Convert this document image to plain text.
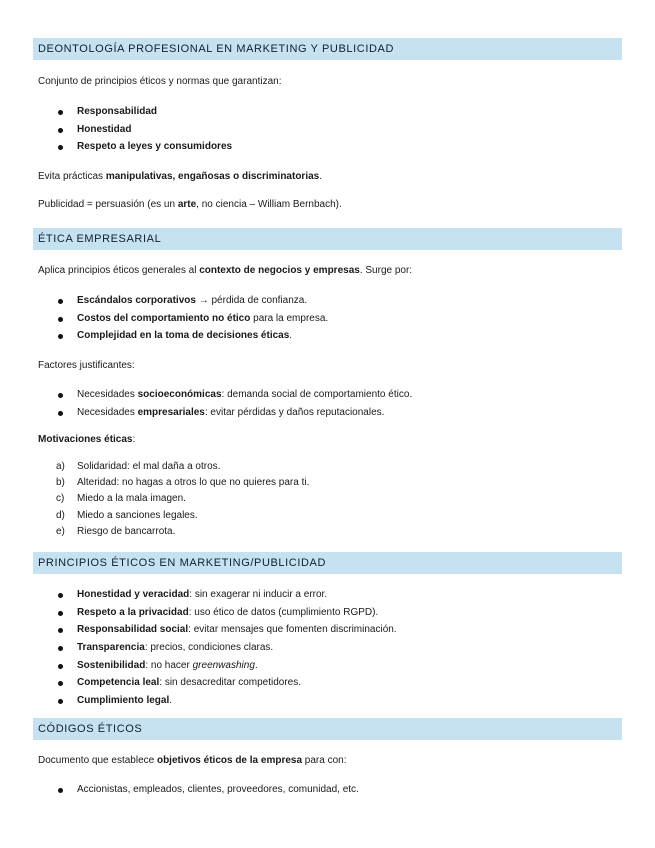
DEONTOLOGÍA PROFESIONAL EN MARKETING Y PUBLICIDAD
Conjunto de principios éticos y normas que garantizan:
Responsabilidad
Honestidad
Respeto a leyes y consumidores
Evita prácticas manipulativas, engañosas o discriminatorias.
Publicidad = persuasión (es un arte, no ciencia – William Bernbach).
ÉTICA EMPRESARIAL
Aplica principios éticos generales al contexto de negocios y empresas. Surge por:
Escándalos corporativos → pérdida de confianza.
Costos del comportamiento no ético para la empresa.
Complejidad en la toma de decisiones éticas.
Factores justificantes:
Necesidades socioeconómicas: demanda social de comportamiento ético.
Necesidades empresariales: evitar pérdidas y daños reputacionales.
Motivaciones éticas:
a) Solidaridad: el mal daña a otros.
b) Alteridad: no hagas a otros lo que no quieres para ti.
c) Miedo a la mala imagen.
d) Miedo a sanciones legales.
e) Riesgo de bancarrota.
PRINCIPIOS ÉTICOS EN MARKETING/PUBLICIDAD
Honestidad y veracidad: sin exagerar ni inducir a error.
Respeto a la privacidad: uso ético de datos (cumplimiento RGPD).
Responsabilidad social: evitar mensajes que fomenten discriminación.
Transparencia: precios, condiciones claras.
Sostenibilidad: no hacer greenwashing.
Competencia leal: sin desacreditar competidores.
Cumplimiento legal.
CÓDIGOS ÉTICOS
Documento que establece objetivos éticos de la empresa para con:
Accionistas, empleados, clientes, proveedores, comunidad, etc.
